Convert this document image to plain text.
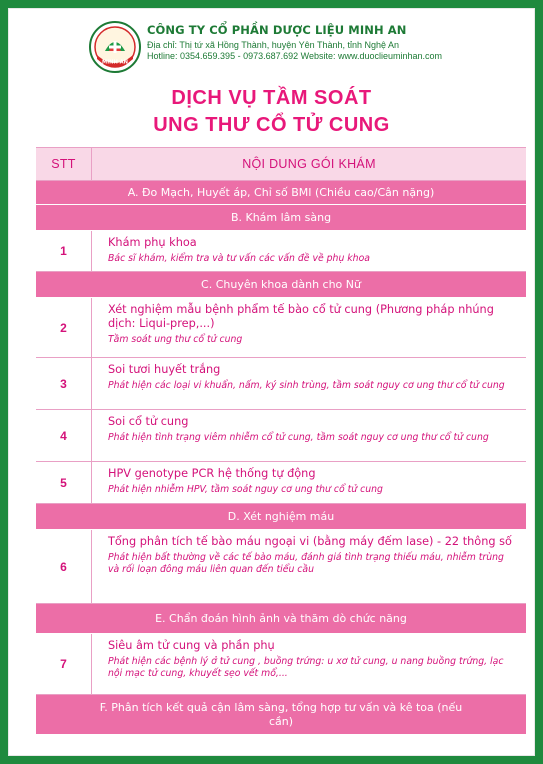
MINH AN
CÔNG TY CỔ PHẦN DƯỢC LIỆU MINH AN
Địa chỉ: Thị tứ xã Hồng Thành, huyện Yên Thành, tỉnh Nghệ An
Hotline: 0354.659.395 - 0973.687.692 Website: www.duoclieuminhan.com
DỊCH VỤ TẦM SOÁT
UNG THƯ CỔ TỬ CUNG
STT	NỘI DUNG GÓI KHÁM
A. Đo Mạch, Huyết áp, Chỉ số BMI (Chiều cao/Cân nặng)
B. Khám lâm sàng
1
Khám phụ khoa
Bác sĩ khám, kiểm tra và tư vấn các vấn đề về phụ khoa
C. Chuyên khoa dành cho Nữ
2
Xét nghiệm mẫu bệnh phẩm tế bào cổ tử cung (Phương pháp nhúng dịch: Liqui-prep,...)
Tầm soát ung thư cổ tử cung
3
Soi tươi huyết trắng
Phát hiện các loại vi khuẩn, nấm, ký sinh trùng, tầm soát nguy cơ ung thư cổ tử cung
4
Soi cổ tử cung
Phát hiện tình trạng viêm nhiễm cổ tử cung, tầm soát nguy cơ ung thư cổ tử cung
5
HPV genotype PCR hệ thống tự động
Phát hiện nhiễm HPV, tầm soát nguy cơ ung thư cổ tử cung
D. Xét nghiệm máu
6
Tổng phân tích tế bào máu ngoại vi (bằng máy đếm lase) - 22 thông số
Phát hiện bất thường về các tế bào máu, đánh giá tình trạng thiếu máu, nhiễm trùng và rối loạn đông máu liên quan đến tiểu cầu
E. Chẩn đoán hình ảnh và thăm dò chức năng
7
Siêu âm tử cung và phần phụ
Phát hiện các bệnh lý ở tử cung , buồng trứng: u xơ tử cung, u nang buồng trứng, lạc nội mạc tử cung, khuyết sẹo vết mổ,...
F. Phân tích kết quả cận lâm sàng, tổng hợp tư vấn và kê toa (nếu cần)
